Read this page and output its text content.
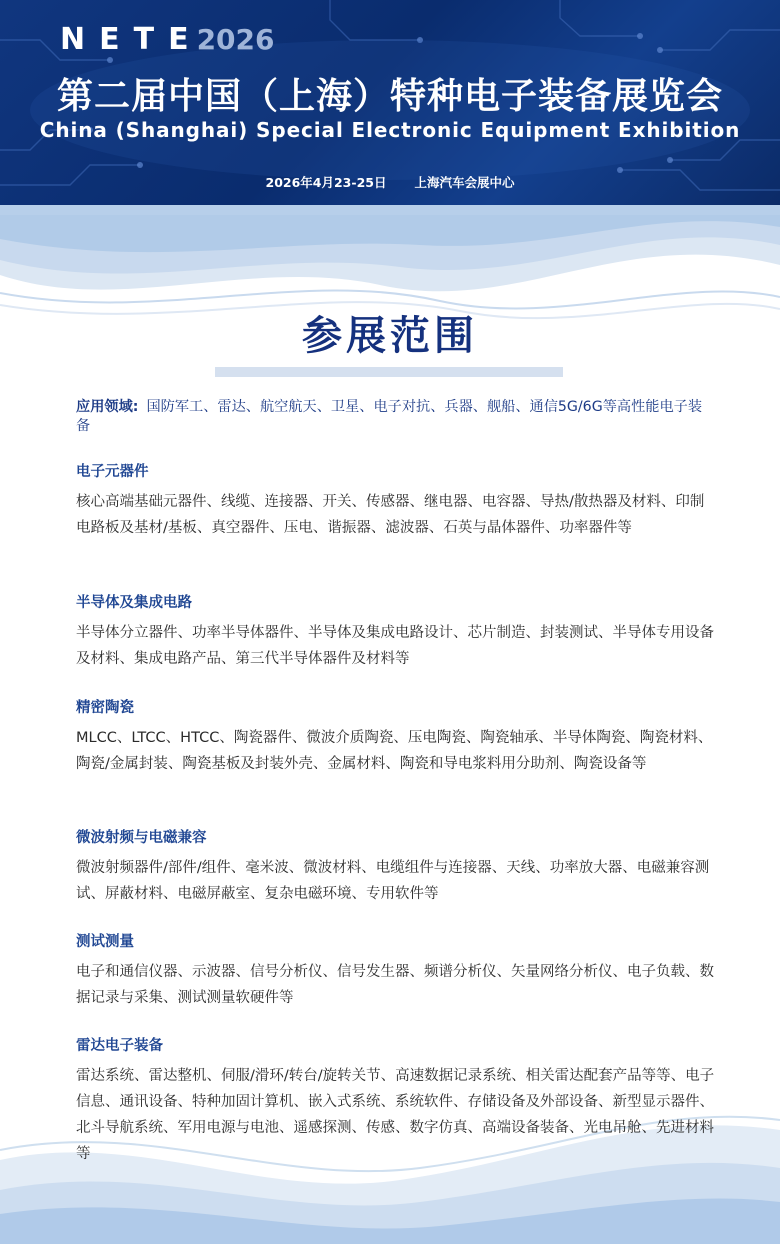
NETE
2026
第二届中国（上海）特种电子装备展览会
China (Shanghai) Special Electronic Equipment Exhibition
2026年4月23-25日 上海汽车会展中心
参展范围
应用领域: 国防军工、雷达、航空航天、卫星、电子对抗、兵器、舰船、通信5G/6G等高性能电子装备
电子元器件
核心高端基础元器件、线缆、连接器、开关、传感器、继电器、电容器、导热/散热器及材料、印制电路板及基材/基板、真空器件、压电、谐振器、滤波器、石英与晶体器件、功率器件等
半导体及集成电路
半导体分立器件、功率半导体器件、半导体及集成电路设计、芯片制造、封装测试、半导体专用设备及材料、集成电路产品、第三代半导体器件及材料等
精密陶瓷
MLCC、LTCC、HTCC、陶瓷器件、微波介质陶瓷、压电陶瓷、陶瓷轴承、半导体陶瓷、陶瓷材料、陶瓷/金属封装、陶瓷基板及封装外壳、金属材料、陶瓷和导电浆料用分助剂、陶瓷设备等
微波射频与电磁兼容
微波射频器件/部件/组件、毫米波、微波材料、电缆组件与连接器、天线、功率放大器、电磁兼容测试、屏蔽材料、电磁屏蔽室、复杂电磁环境、专用软件等
测试测量
电子和通信仪器、示波器、信号分析仪、信号发生器、频谱分析仪、矢量网络分析仪、电子负载、数据记录与采集、测试测量软硬件等
雷达电子装备
雷达系统、雷达整机、伺服/滑环/转台/旋转关节、高速数据记录系统、相关雷达配套产品等等、电子信息、通讯设备、特种加固计算机、嵌入式系统、系统软件、存储设备及外部设备、新型显示器件、北斗导航系统、军用电源与电池、遥感探测、传感、数字仿真、高端设备装备、光电吊舱、先进材料等
